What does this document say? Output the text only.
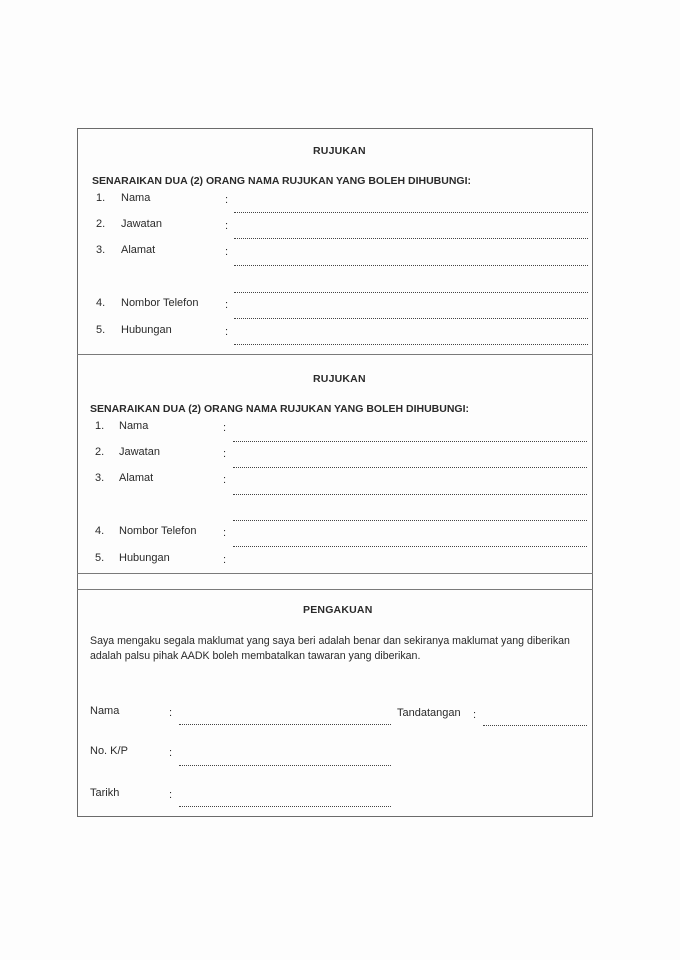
RUJUKAN
SENARAIKAN DUA (2) ORANG NAMA RUJUKAN YANG BOLEH DIHUBUNGI:
1. Nama	:
2. Jawatan	:
3. Alamat	:
4. Nombor Telefon :
5. Hubungan	:
RUJUKAN
SENARAIKAN DUA (2) ORANG NAMA RUJUKAN YANG BOLEH DIHUBUNGI:
1. Nama	:
2. Jawatan	:
3. Alamat	:
4. Nombor Telefon :
5. Hubungan	:
PENGAKUAN
Saya mengaku segala maklumat yang saya beri adalah benar dan sekiranya maklumat yang diberikan adalah palsu pihak AADK boleh membatalkan tawaran yang diberikan.
Nama	:	Tandatangan :
No. K/P	:
Tarikh	:
